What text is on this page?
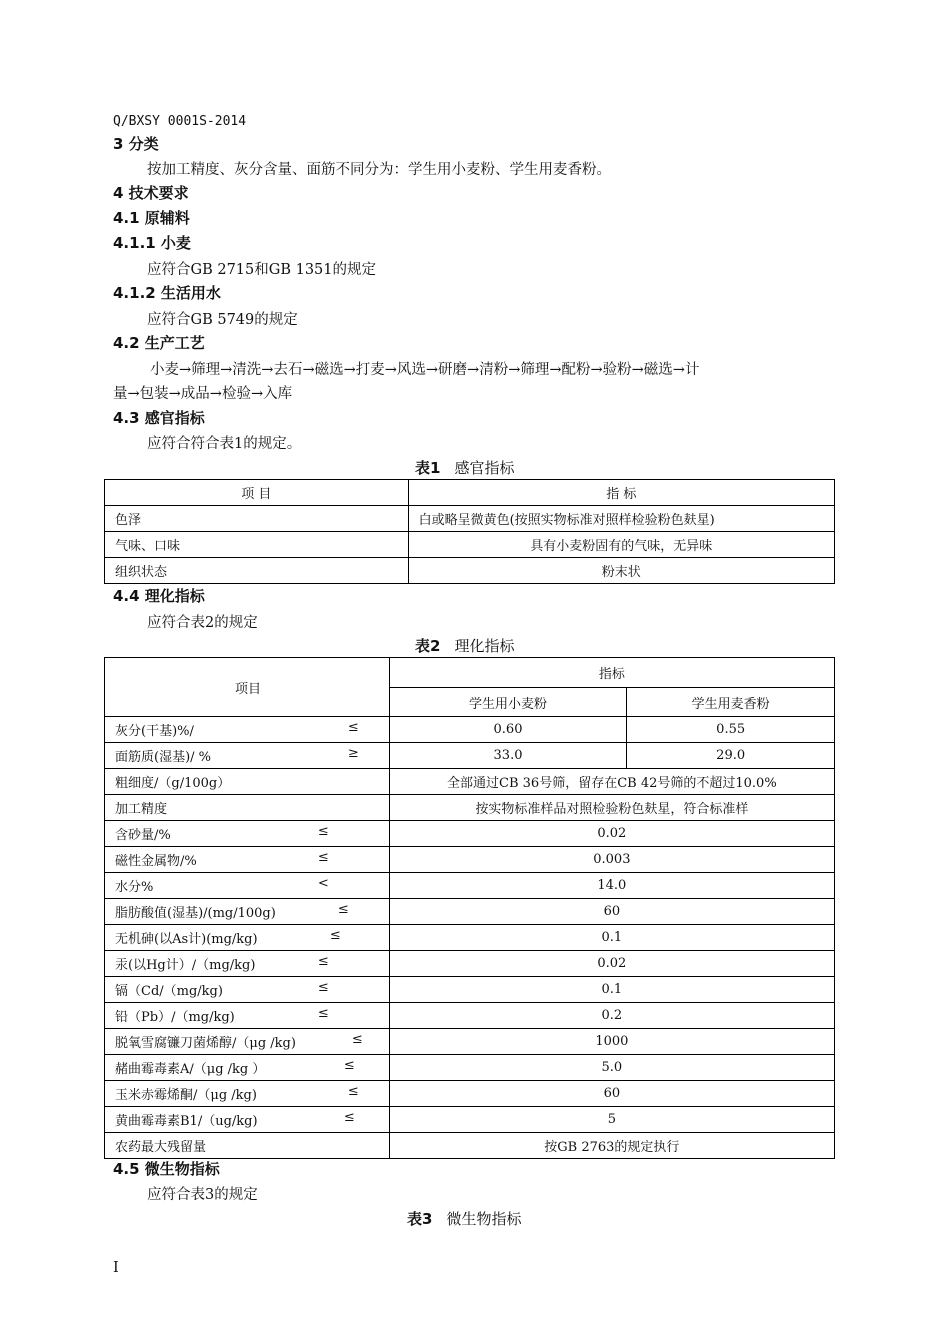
Q/BXSY 0001S-2014
3 分类
按加工精度、灰分含量、面筋不同分为：学生用小麦粉、学生用麦香粉。
4 技术要求
4.1 原辅料
4.1.1 小麦
应符合GB 2715和GB 1351的规定
4.1.2 生活用水
应符合GB 5749的规定
4.2 生产工艺
小麦→筛理→清洗→去石→磁选→打麦→风选→研磨→清粉→筛理→配粉→验粉→磁选→计
量→包装→成品→检验→入库
4.3 感官指标
应符合符合表1的规定。
表1 感官指标
项 目	指 标
色泽	白或略呈微黄色(按照实物标准对照样检验粉色麸星)
气味、口味	具有小麦粉固有的气味，无异味
组织状态	粉末状
4.4 理化指标
应符合表2的规定
表2 理化指标
项目	指标	
	学生用小麦粉	学生用麦香粉
灰分(干基)%/ ≤	0.60	0.55
面筋质(湿基)/ % ≥	33.0	29.0
粗细度/（g/100g）	全部通过CB 36号筛，留存在CB 42号筛的不超过10.0%	
加工精度	按实物标准样品对照检验粉色麸星，符合标准样	
含砂量/% ≤	0.02	
磁性金属物/% ≤	0.003	
水分% <	14.0	
脂肪酸值(湿基)/(mg/100g) ≤	60	
无机砷(以As计)(mg/kg) ≤	0.1	
汞(以Hg计）/（mg/kg) ≤	0.02	
镉（Cd/（mg/kg) ≤	0.1	
铅（Pb）/（mg/kg) ≤	0.2	
脱氧雪腐镰刀菌烯醇/（μg /kg) ≤	1000	
赭曲霉毒素A/（μg /kg ） ≤	5.0	
玉米赤霉烯酮/（μg /kg) ≤	60	
黄曲霉毒素B1/（ug/kg) ≤	5	
农药最大残留量	按GB 2763的规定执行	
4.5 微生物指标
应符合表3的规定
表3 微生物指标
I
